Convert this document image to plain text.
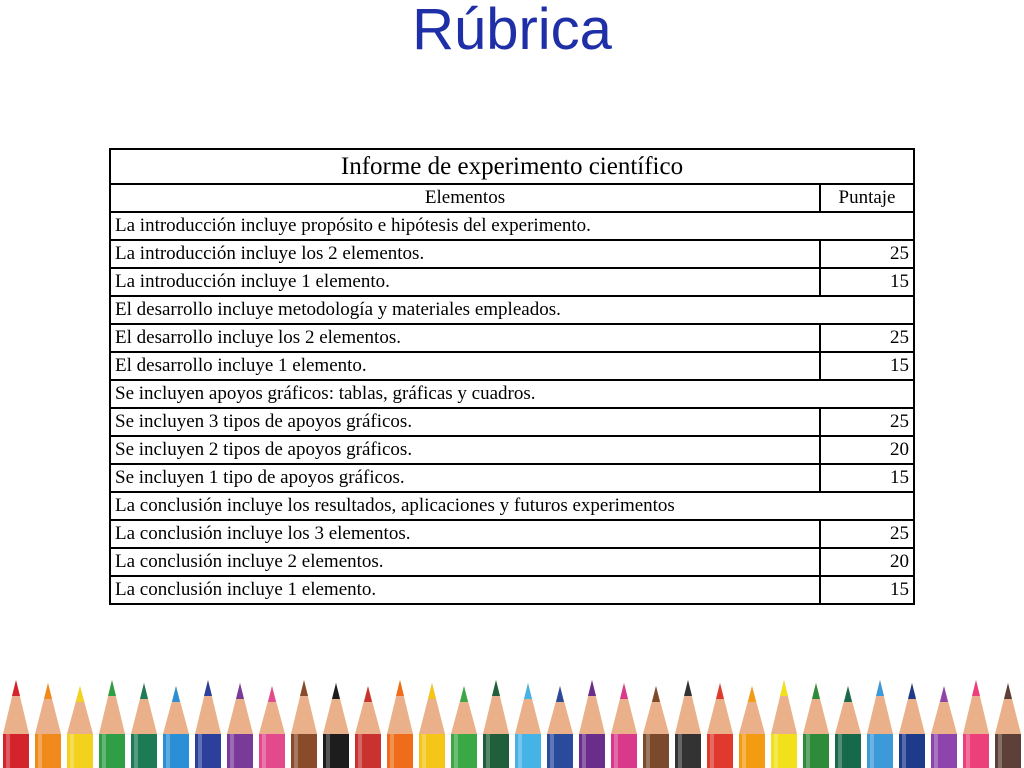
Rúbrica
Informe de experimento científico	
Elementos	Puntaje
La introducción incluye propósito e hipótesis del experimento.	
La introducción incluye los 2 elementos.	25
La introducción incluye 1 elemento.	15
El desarrollo incluye metodología y materiales empleados.	
El desarrollo incluye los 2 elementos.	25
El desarrollo incluye 1 elemento.	15
Se incluyen apoyos gráficos: tablas, gráficas y cuadros.	
Se incluyen 3 tipos de apoyos gráficos.	25
Se incluyen 2 tipos de apoyos gráficos.	20
Se incluyen 1 tipo de apoyos gráficos.	15
La conclusión incluye los resultados, aplicaciones y futuros experimentos	
La conclusión incluye los 3 elementos.	25
La conclusión incluye 2 elementos.	20
La conclusión incluye 1 elemento.	15
